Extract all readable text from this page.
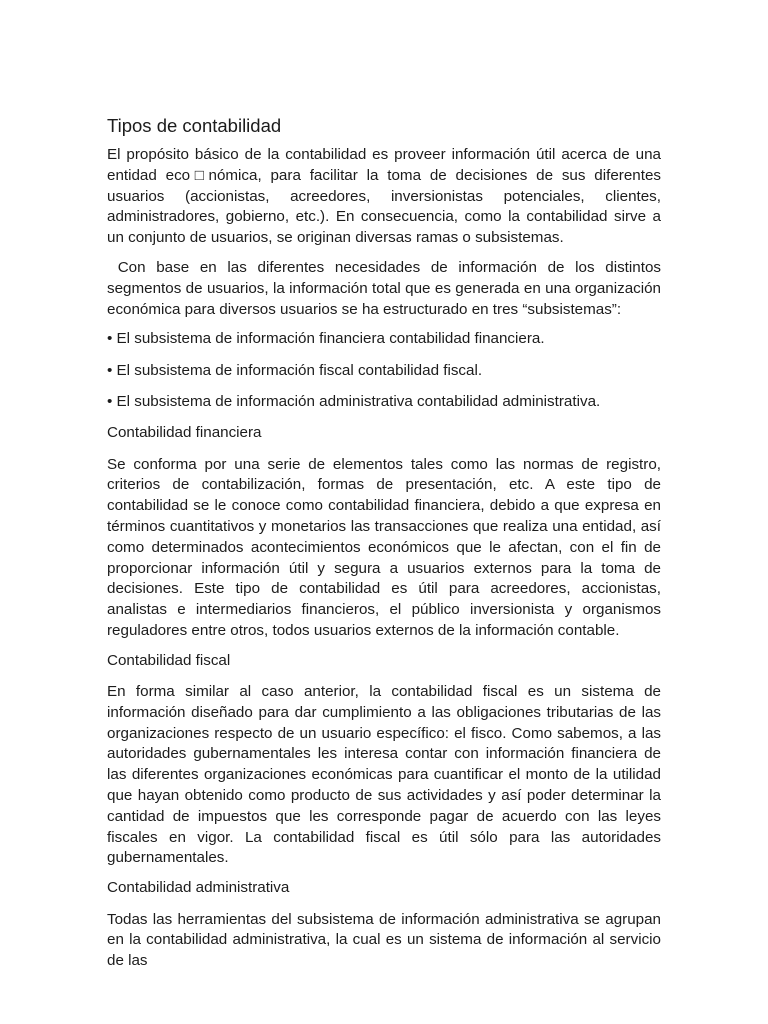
Tipos de contabilidad

El propósito básico de la contabilidad es proveer información útil acerca de una entidad eco□nómica, para facilitar la toma de decisiones de sus diferentes usuarios (accionistas, acreedores, inversionistas potenciales, clientes, administradores, gobierno, etc.). En consecuencia, como la contabilidad sirve a un conjunto de usuarios, se originan diversas ramas o subsistemas.

Con base en las diferentes necesidades de información de los distintos segmentos de usuarios, la información total que es generada en una organización económica para diversos usuarios se ha estructurado en tres “subsistemas”:

• El subsistema de información financiera contabilidad financiera.

• El subsistema de información fiscal contabilidad fiscal.

• El subsistema de información administrativa contabilidad administrativa.

Contabilidad financiera

Se conforma por una serie de elementos tales como las normas de registro, criterios de contabilización, formas de presentación, etc. A este tipo de contabilidad se le conoce como contabilidad financiera, debido a que expresa en términos cuantitativos y monetarios las transacciones que realiza una entidad, así como determinados acontecimientos económicos que le afectan, con el fin de proporcionar información útil y segura a usuarios externos para la toma de decisiones. Este tipo de contabilidad es útil para acreedores, accionistas, analistas e intermediarios financieros, el público inversionista y organismos reguladores entre otros, todos usuarios externos de la información contable.

Contabilidad fiscal

En forma similar al caso anterior, la contabilidad fiscal es un sistema de información diseñado para dar cumplimiento a las obligaciones tributarias de las organizaciones respecto de un usuario específico: el fisco. Como sabemos, a las autoridades gubernamentales les interesa contar con información financiera de las diferentes organizaciones económicas para cuantificar el monto de la utilidad que hayan obtenido como producto de sus actividades y así poder determinar la cantidad de impuestos que les corresponde pagar de acuerdo con las leyes fiscales en vigor. La contabilidad fiscal es útil sólo para las autoridades gubernamentales.

Contabilidad administrativa

Todas las herramientas del subsistema de información administrativa se agrupan en la contabilidad administrativa, la cual es un sistema de información al servicio de las
